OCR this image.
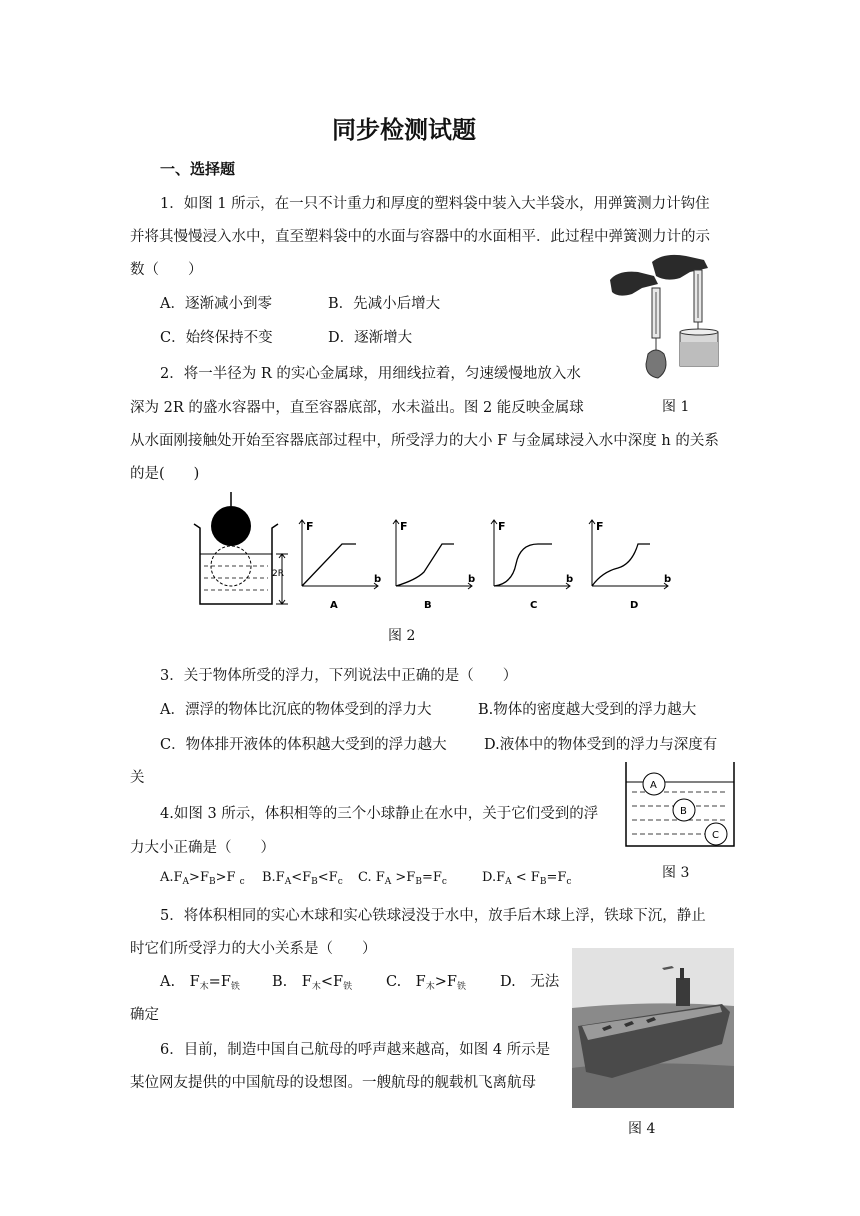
同步检测试题
一、选择题
1．如图 1 所示，在一只不计重力和厚度的塑料袋中装入大半袋水，用弹簧测力计钩住
并将其慢慢浸入水中，直至塑料袋中的水面与容器中的水面相平．此过程中弹簧测力计的示
数（　　）
A．逐渐减小到零	B．先减小后增大
C．始终保持不变	D．逐渐增大
图 1
2．将一半径为 R 的实心金属球，用细线拉着，匀速缓慢地放入水
深为 2R 的盛水容器中，直至容器底部，水未溢出。图 2 能反映金属球
从水面刚接触处开始至容器底部过程中，所受浮力的大小 F 与金属球浸入水中深度 h 的关系
的是(　　)
2R
F
b
A
F
b
B
F
b
C
F
b
D
图 2
3．关于物体所受的浮力，下列说法中正确的是（　　）
A．漂浮的物体比沉底的物体受到的浮力大	B.物体的密度越大受到的浮力越大
C．物体排开液体的体积越大受到的浮力越大	D.液体中的物体受到的浮力与深度有
关	A
B
C
图 3
4.如图 3 所示，体积相等的三个小球静止在水中，关于它们受到的浮
力大小正确是（　　）
$A.F_A>F_B>F$ $_c$ $B.F_A<F_B<F_c$ C. $F_A >F_B=F_c$	$D.F_A < F_B=F_c$
5．将体积相同的实心木球和实心铁球浸没于水中，放手后木球上浮，铁球下沉，静止
时它们所受浮力的大小关系是（　　）
A.　$F_木=F_铁$ B.　$F_木<F_铁$ C.　$F_木>F_铁$ D.　无法
确定
图 4
6．目前，制造中国自己航母的呼声越来越高，如图 4 所示是
某位网友提供的中国航母的设想图。一艘航母的舰载机飞离航母
